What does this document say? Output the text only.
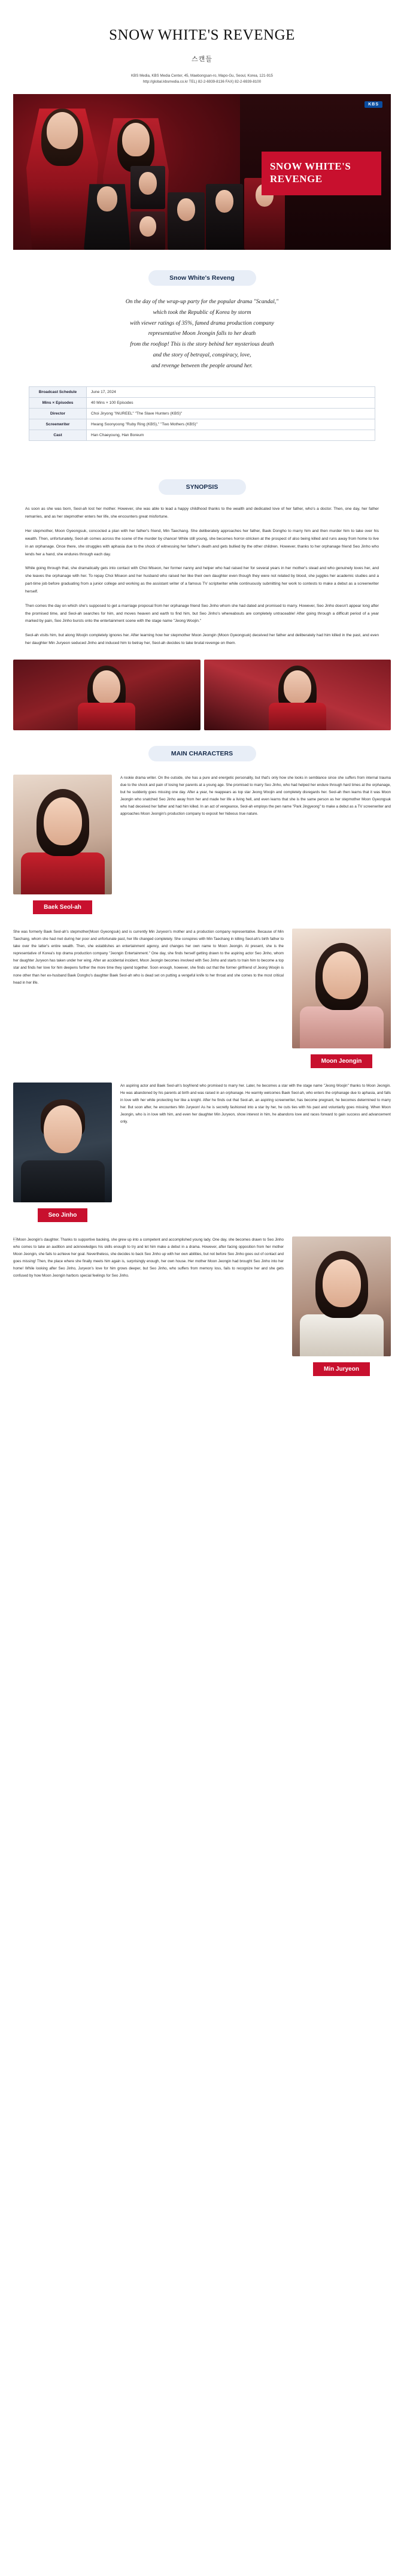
SNOW WHITE'S REVENGE
스캔들
KBS Media, KBS Media Center, 45, Maebongsan-ro, Mapo-Gu, Seoul, Korea, 121-915
http://global.kbsmedia.co.kr TEL) 82-2-6939-8136 FAX) 82-2-6939-8100
KBS
SNOW WHITE'S
REVENGE
Snow White's Reveng
On the day of the wrap-up party for the popular drama "Scandal,"
which took the Republic of Korea by storm
with viewer ratings of 35%, famed drama production company
representative Moon Jeongin falls to her death
from the rooftop! This is the story behind her mysterious death
and the story of betrayal, conspiracy, love,
and revenge between the people around her.
Broadcast Schedule	June 17, 2024
Mins × Episodes	40 Mins × 100 Episodes
Director	Choi Jiryong "INUREEL" "The Slave Hunters (KBS)"
Screenwriter	Hwang Soonyoong "Ruby Ring (KBS)," "Two Mothers (KBS)"
Cast	Han Chaeyoung, Han Boreum
SYNOPSIS

As soon as she was born, Seol-ah lost her mother. However, she was able to lead a happy childhood thanks to the wealth and dedicated love of her father, who's a doctor. Then, one day, her father remarries, and as her stepmother enters her life, she encounters great misfortune.

Her stepmother, Moon Gyeongsuk, concocted a plan with her father's friend, Min Taechang. She deliberately approaches her father, Baek Dongho to marry him and then murder him to take over his wealth. Then, unfortunately, Seol-ah comes across the scene of the murder by chance! While still young, she becomes horror-stricken at the prospect of also being killed and runs away from home to live in an orphanage. Once there, she struggles with aphasia due to the shock of witnessing her father's death and gets bullied by the other children. However, thanks to her orphanage friend Seo Jinho who lends her a hand, she endures through each day.

While going through that, she dramatically gets into contact with Choi Miseon, her former nanny and helper who had raised her for several years in her mother's stead and who genuinely loves her, and she leaves the orphanage with her. To repay Choi Miseon and her husband who raised her like their own daughter even though they were not related by blood, she juggles her academic studies and a part-time job before graduating from a junior college and working as the assistant writer of a famous TV scriptwriter while continuously submitting her work to contests to make a debut as a screenwriter herself.

Then comes the day on which she's supposed to get a marriage proposal from her orphanage friend Seo Jinho whom she had dated and promised to marry. However, Seo Jinho doesn't appear long after the promised time, and Seol-ah searches for him, and moves heaven and earth to find him, but Seo Jinho's whereabouts are completely untraceable! After going through a difficult period of a year marked by pain, Seo Jinho bursts onto the entertainment scene with the stage name "Jeong Woojin."

Seol-ah visits him, but along Woojin completely ignores her. After learning how her stepmother Moon Jeongin (Moon Gyeongsuk) deceived her father and deliberately had him killed in the past, and even her daughter Min Juryeon seduced Jinho and induced him to betray her, Seol-ah decides to take brutal revenge on them.

MAIN CHARACTERS
A rookie drama writer. On the outside, she has a pure and energetic personality, but that's only how she looks in semblance since she suffers from internal trauma due to the shock and pain of losing her parents at a young age. She promised to marry Seo Jinho, who had helped her endure through hard times at the orphanage, but he suddenly goes missing one day. After a year, he reappears as top star Jeong Woojin and completely disregards her. Seol-ah then learns that it was Moon Jeongin who snatched Seo Jinho away from her and made her life a living hell, and even learns that she is the same person as her stepmother Moon Gyeongsuk who had deceived her father and had him killed. In an act of vengeance, Seol-ah employs the pen name "Park Jingyeong" to make a debut as a TV screenwriter and approaches Moon Jeongin's production company to exposit her hideous true nature.
Baek Seol-ah
She was formerly Baek Seol-ah's stepmother(Moon Gyeongsuk) and is currently Min Juryeon's mother and a production company representative. Because of Min Taechang, whom she had met during her poor and unfortunate past, her life changed completely. She conspires with Min Taechang in killing Seol-ah's birth father to take over the latter's entire wealth. Then, she establishes an entertainment agency, and changes her own name to Moon Jeongin. At present, she is the representative of Korea's top drama production company "Jeongin Entertainment." One day, she finds herself getting drawn to the aspiring actor Seo Jinho, whom her daughter Juryeon has taken under her wing. After an accidental incident, Moon Jeongin becomes involved with Seo Jinho and starts to train him to become a top star and finds her love for him deepens further the more time they spend together. Soon enough, however, she finds out that the former girlfriend of Jeong Woojin is none other than her ex-husband Baek Dongho's daughter Baek Seol-ah who is dead set on putting a vengeful knife to her throat and she comes to the most critical head in her life.
Moon Jeongin
An aspiring actor and Baek Seol-ah's boyfriend who promised to marry her. Later, he becomes a star with the stage name "Jeong Woojin" thanks to Moon Jeongin. He was abandoned by his parents at birth and was raised in an orphanage. He warmly welcomes Baek Seol-ah, who enters the orphanage due to aphasia, and falls in love with her while protecting her like a knight. After he finds out that Seol-ah, an aspiring screenwriter, has become pregnant, he becomes determined to marry her. But soon after, he encounters Min Juryeon! As he is secretly fashioned into a star by her, he cuts ties with his past and voluntarily goes missing. When Moon Jeongin, who is in love with him, and even her daughter Min Juryeon, show interest in him, he abandons love and races forward to gain success and advancement only.
Seo Jinho
Moon Jeongin's daughter. Thanks to supportive backing, she grew up into a competent and accomplished young lady. One day, she becomes drawn to Seo Jinho who comes to take an audition and acknowledges his skills enough to try and let him make a debut in a drama. However, after facing opposition from her mother Moon Jeongin, she fails to achieve her goal. Nevertheless, she decides to back Seo Jinho up with her own abilities, but not before Seo Jinho goes out of contact and goes missing! Then, the place where she finally meets him again is, surprisingly enough, her own house. Her mother Moon Jeongin had brought Seo Jinho into her home! While looking after Seo Jinho, Juryeon's love for him grows deeper, but Seo Jinho, who suffers from memory loss, fails to recognize her and she gets confused by how Moon Jeongin harbors special feelings for Seo Jinho.
Min Juryeon
